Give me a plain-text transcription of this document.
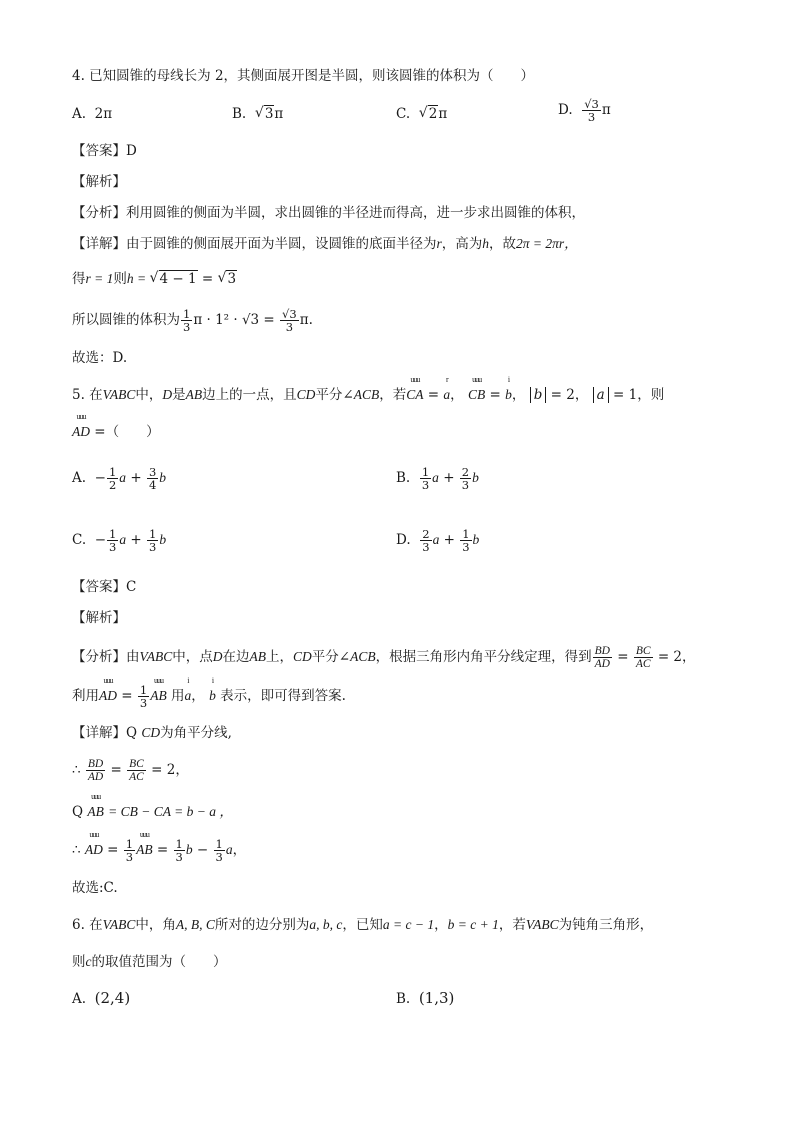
4. 已知圆锥的母线长为 2，其侧面展开图是半圆，则该圆锥的体积为（　　）
A. 2π	B. √ 3π	C. √ 2π	D. $\frac{√3}{3}$ π
【答案】D
【解析】
【分析】利用圆锥的侧面为半圆，求出圆锥的半径进而得高，进一步求出圆锥的体积，
【详解】由于圆锥的侧面展开面为半圆，设圆锥的底面半径为r，高为h，故2π = 2πr，
得r = 1则h = √ 4 − 1 = √ 3
所以圆锥的体积为 $\frac{1}{3}$ $\pi \cdot 1^2 \cdot √3 = \frac{√3}{3} \pi$.
故选：D.
5. 在VABC中，D是AB边上的一点，且CD平分∠ACB，若
uuu
CA =
r
a，
uuu
CB =
i
b， b = 2， a = 1，则
uuu
AD =（　　）
A. − $\frac{1}{2}$ $a + \frac{3}{4}$ b	B. $\frac{1}{3}$ $a + \frac{2}{3}$ b
C. − $\frac{1}{3}$ $a + \frac{1}{3}$ b	D. $\frac{2}{3}$ $a + \frac{1}{3}$ b
【答案】C
【解析】
【分析】由VABC中，点D在边AB上，CD平分∠ACB，根据三角形内角平分线定理，得到 $\frac{BD}{AD} = \frac{BC}{AC} = 2$，
利用
uuu
AD = $\frac{1}{3}$
uuu
AB 用
i
a，
i
b 表示，即可得到答案.
【详解】Q CD为角平分线,
∴ $\frac{BD}{AD} = \frac{BC}{AC} = 2$，
Q
uuu
AB = CB − CA = b − a ，
∴
uuu
AD = $\frac{1}{3}$
uuu
AB = $\frac{1}{3}$ $b - \frac{1}{3}$ a，
故选:C.
6. 在VABC中，角A, B, C所对的边分别为a, b, c，已知a = c − 1，b = c + 1，若VABC为钝角三角形，
则c的取值范围为（　　）
A. (2,4)	B. (1,3)
